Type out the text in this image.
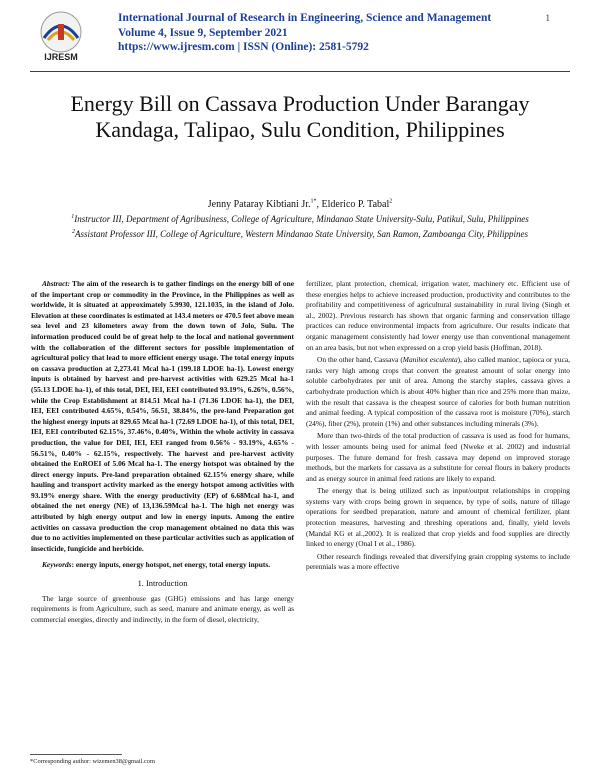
IJRESM
International Journal of Research in Engineering, Science and Management
Volume 4, Issue 9, September 2021
https://www.ijresm.com | ISSN (Online): 2581-5792
1
Energy Bill on Cassava Production Under Barangay Kandaga, Talipao, Sulu Condition, Philippines
Jenny Pataray Kibtiani Jr.$^{1*}$, Elderico P. Tabal$^2$
$^1$Instructor III, Department of Agribusiness, College of Agriculture, Mindanao State University-Sulu, Patikul, Sulu, Philippines
$^2$Assistant Professor III, College of Agriculture, Western Mindanao State University, San Ramon, Zamboanga City, Philippines

Abstract: The aim of the research is to gather findings on the energy bill of one of the important crop or commodity in the Province, in the Philippines as well as worldwide, it is situated at approximately 5.9930, 121.1035, in the island of Jolo. Elevation at these coordinates is estimated at 143.4 meters or 470.5 feet above mean sea level and 23 kilometers away from the down town of Jolo, Sulu. The information produced could be of great help to the local and national government with the collaboration of the different sectors for possible implementation of agricultural policy that lead to more efficient energy usage. The total energy inputs on cassava production at 2,273.41 Mcal ha-1 (199.18 LDOE ha-1). Lowest energy inputs is obtained by harvest and pre-harvest activities with 629.25 Mcal ha-1 (55.13 LDOE ha-1), of this total, DEI, IEI, EEI contributed 93.19%, 6.26%, 0.56%, while the Crop Establishment at 814.51 Mcal ha-1 (71.36 LDOE ha-1), the DEI, IEI, EEI contributed 4.65%, 0.54%, 56.51, 38.84%, the pre-land Preparation got the highest energy inputs at 829.65 Mcal ha-1 (72.69 LDOE ha-1), of this total, DEI, IEI, EEI contributed 62.15%, 37.46%, 0.40%, Within the whole activity in cassava production, the value for DEI, IEI, EEI ranged from 0.56% - 93.19%, 4.65% - 56.51%, 0.40% - 62.15%, respectively. The harvest and pre-harvest activity obtained the EnROEI of 5.06 Mcal ha-1. The energy hotspot was obtained by the direct energy inputs. Pre-land preparation obtained 62.15% energy share, while hauling and transport activity marked as the energy hotspot among activities with 93.19% energy share. With the energy productivity (EP) of 6.68Mcal ha-1, and obtained the net energy (NE) of 13,136.59Mcal ha-1. The high net energy was attributed by high energy output and low in energy inputs. Among the entire activities on cassava production the crop management obtained no data this was due to no activities implemented on these particular activities such as application of insecticide, fungicide and herbicide.

Keywords: energy inputs, energy hotspot, net energy, total energy inputs.

1. Introduction

The large source of greenhouse gas (GHG) emissions and has large energy requirements is from Agriculture, such as seed, manure and animate energy, as well as commercial energies, directly and indirectly, in the form of diesel, electricity,

fertilizer, plant protection, chemical, irrigation water, machinery etc. Efficient use of these energies helps to achieve increased production, productivity and contributes to the profitability and competitiveness of agricultural sustainability in rural living (Singh et al., 2002). Previous research has shown that organic farming and conservation tillage practices can reduce environmental impacts from agriculture. Our results indicate that organic management consistently had lower energy use than conventional management on an area basis, but not when expressed on a crop yield basis (Hoffman, 2018).

On the other hand, Cassava (Manihot esculenta), also called manioc, tapioca or yuca, ranks very high among crops that convert the greatest amount of solar energy into soluble carbohydrates per unit of area. Among the starchy staples, cassava gives a carbohydrate production which is about 40% higher than rice and 25% more than maize, with the result that cassava is the cheapest source of calories for both human nutrition and animal feeding. A typical composition of the cassava root is moisture (70%), starch (24%), fiber (2%), protein (1%) and other substances including minerals (3%).

More than two-thirds of the total production of cassava is used as food for humans, with lesser amounts being used for animal feed (Nweke et al. 2002) and industrial purposes. The future demand for fresh cassava may depend on improved storage methods, but the markets for cassava as a substitute for cereal flours in bakery products and as energy source in animal feed rations are likely to expand.

The energy that is being utilized such as input/output relationships in cropping systems vary with crops being grown in sequence, by type of soils, nature of tillage operations for seedbed preparation, nature and amount of chemical fertilizer, plant protection measures, harvesting and threshing operations and, finally, yield levels (Mandal KG et al.,2002). It is realized that crop yields and food supplies are directly linked to energy (Onal I et al., 1986).

Other research findings revealed that diversifying grain cropping systems to include perennials was a more effective

*Corresponding author: wizemen38@gmail.com
